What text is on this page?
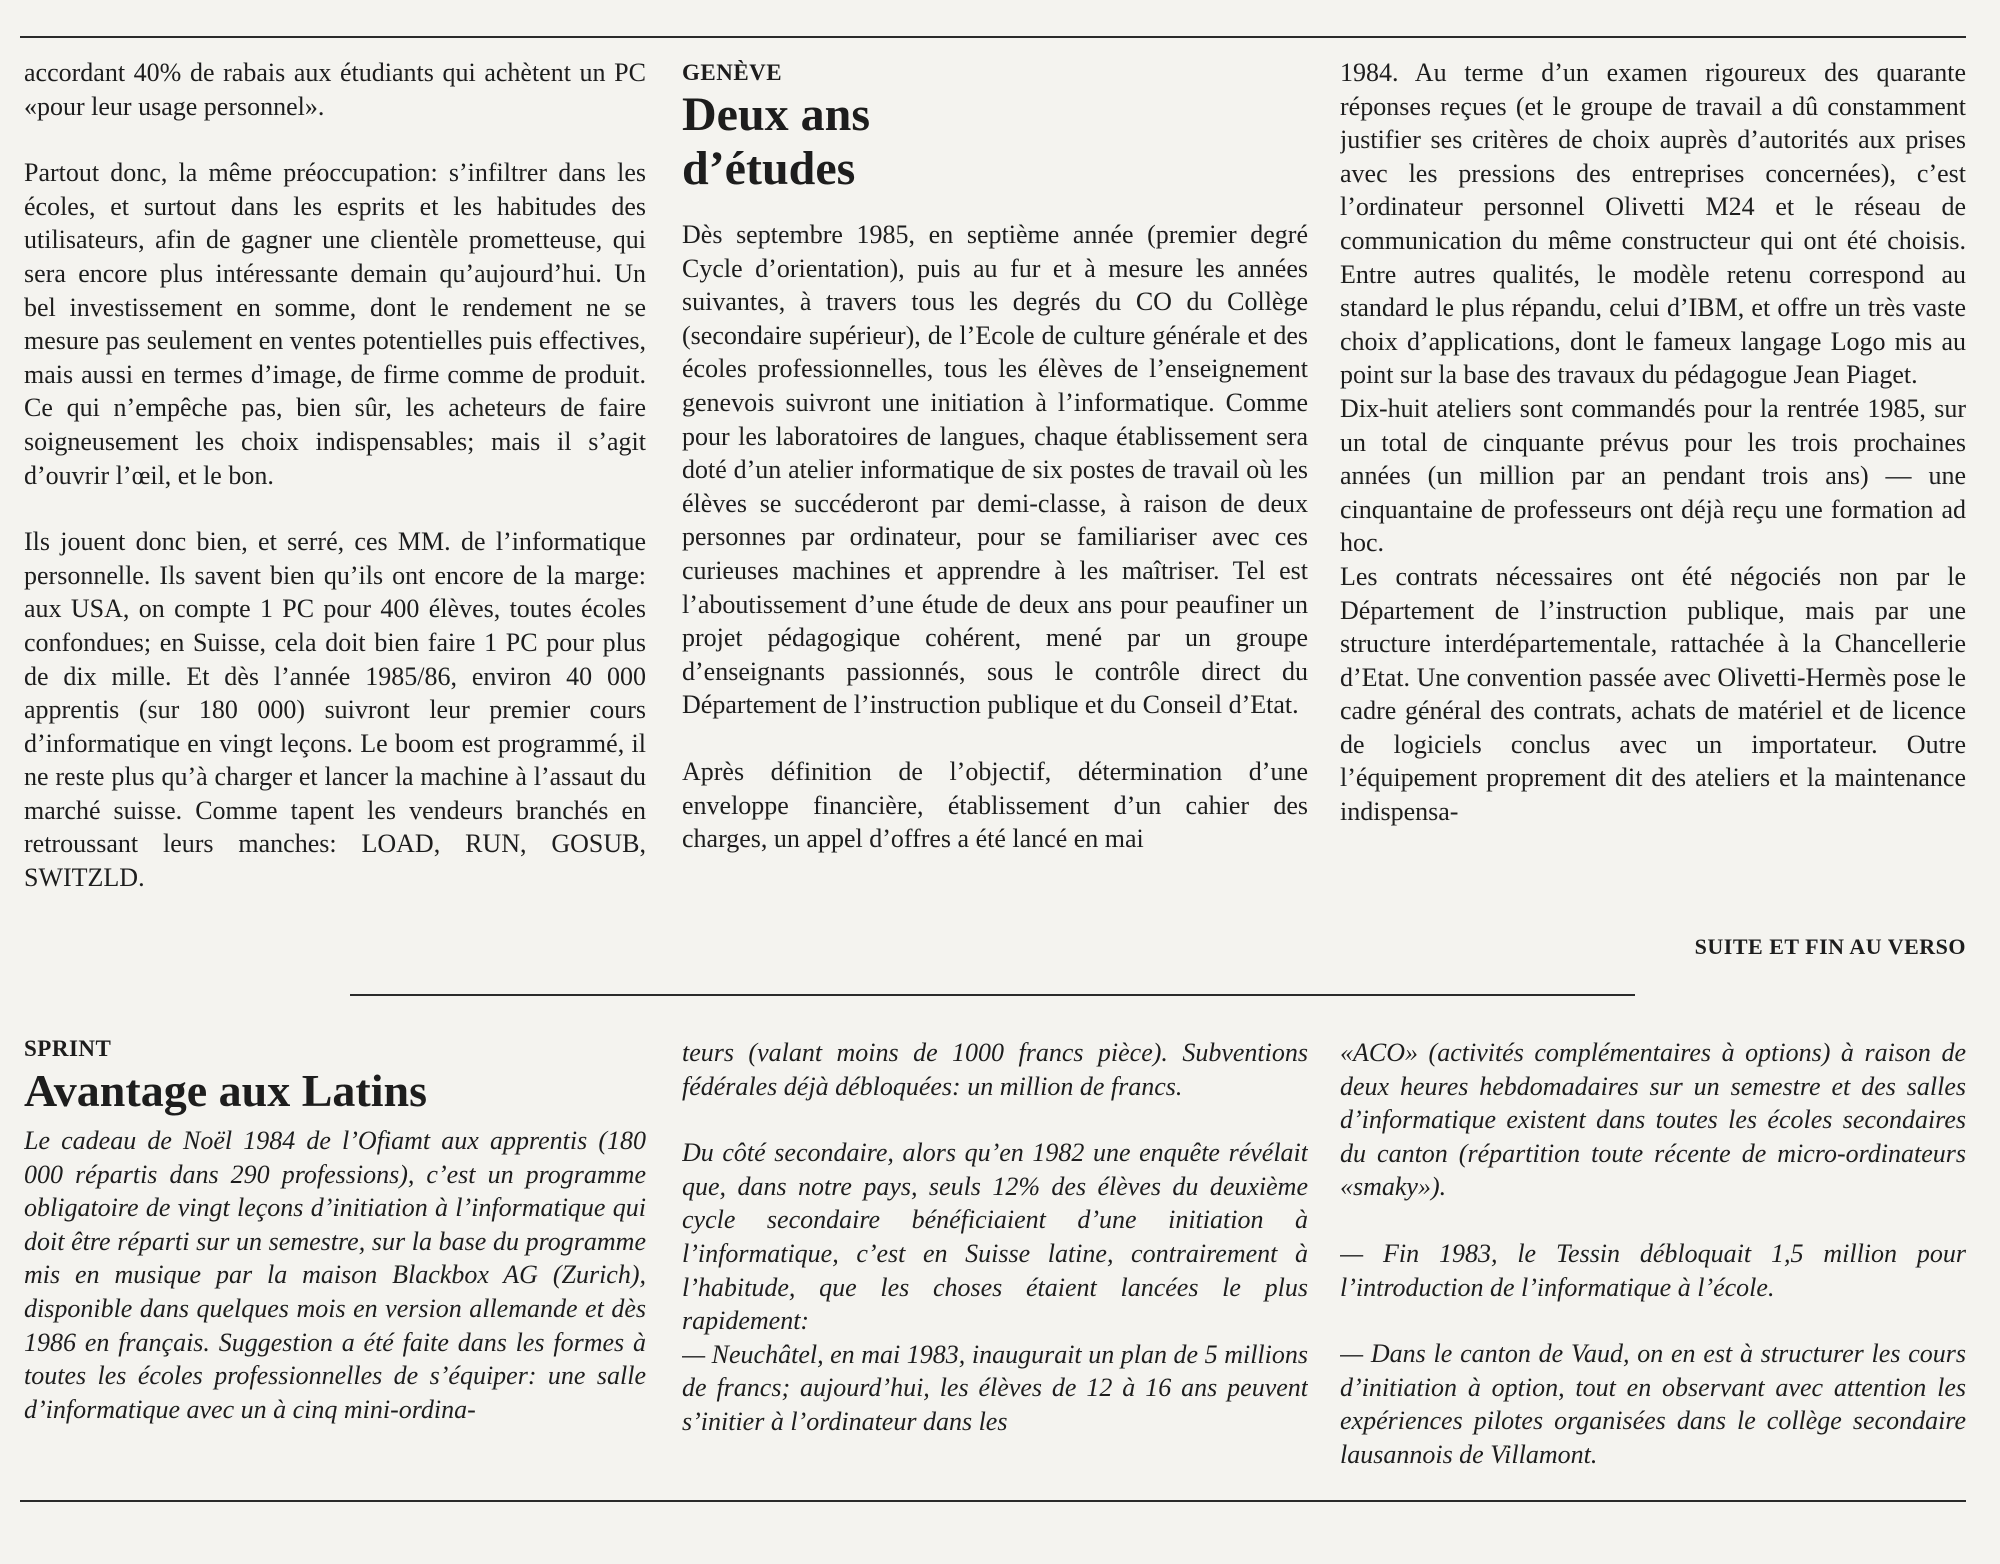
accordant 40% de rabais aux étudiants qui achètent un PC «pour leur usage personnel».

Partout donc, la même préoccupation: s’infiltrer dans les écoles, et surtout dans les esprits et les habitudes des utilisateurs, afin de gagner une clientèle prometteuse, qui sera encore plus intéressante demain qu’aujourd’hui. Un bel investissement en somme, dont le rendement ne se mesure pas seulement en ventes potentielles puis effectives, mais aussi en termes d’image, de firme comme de produit. Ce qui n’empêche pas, bien sûr, les acheteurs de faire soigneusement les choix indispensables; mais il s’agit d’ouvrir l’œil, et le bon.

Ils jouent donc bien, et serré, ces MM. de l’informatique personnelle. Ils savent bien qu’ils ont encore de la marge: aux USA, on compte 1 PC pour 400 élèves, toutes écoles confondues; en Suisse, cela doit bien faire 1 PC pour plus de dix mille. Et dès l’année 1985/86, environ 40 000 apprentis (sur 180 000) suivront leur premier cours d’informatique en vingt leçons. Le boom est programmé, il ne reste plus qu’à charger et lancer la machine à l’assaut du marché suisse. Comme tapent les vendeurs branchés en retroussant leurs manches: LOAD, RUN, GOSUB, SWITZLD.

GENÈVE
Deux ans
d’études

Dès septembre 1985, en septième année (premier degré Cycle d’orientation), puis au fur et à mesure les années suivantes, à travers tous les degrés du CO du Collège (secondaire supérieur), de l’Ecole de culture générale et des écoles professionnelles, tous les élèves de l’enseignement genevois suivront une initiation à l’informatique. Comme pour les laboratoires de langues, chaque établissement sera doté d’un atelier informatique de six postes de travail où les élèves se succéderont par demi-classe, à raison de deux personnes par ordinateur, pour se familiariser avec ces curieuses machines et apprendre à les maîtriser. Tel est l’aboutissement d’une étude de deux ans pour peaufiner un projet pédagogique cohérent, mené par un groupe d’enseignants passionnés, sous le contrôle direct du Département de l’instruction publique et du Conseil d’Etat.

Après définition de l’objectif, détermination d’une enveloppe financière, établissement d’un cahier des charges, un appel d’offres a été lancé en mai

1984. Au terme d’un examen rigoureux des quarante réponses reçues (et le groupe de travail a dû constamment justifier ses critères de choix auprès d’autorités aux prises avec les pressions des entreprises concernées), c’est l’ordinateur personnel Olivetti M24 et le réseau de communication du même constructeur qui ont été choisis. Entre autres qualités, le modèle retenu correspond au standard le plus répandu, celui d’IBM, et offre un très vaste choix d’applications, dont le fameux langage Logo mis au point sur la base des travaux du pédagogue Jean Piaget.

Dix-huit ateliers sont commandés pour la rentrée 1985, sur un total de cinquante prévus pour les trois prochaines années (un million par an pendant trois ans) — une cinquantaine de professeurs ont déjà reçu une formation ad hoc.

Les contrats nécessaires ont été négociés non par le Département de l’instruction publique, mais par une structure interdépartementale, rattachée à la Chancellerie d’Etat. Une convention passée avec Olivetti-Hermès pose le cadre général des contrats, achats de matériel et de licence de logiciels conclus avec un importateur. Outre l’équipement proprement dit des ateliers et la maintenance indispensa-

SUITE ET FIN AU VERSO
SPRINT
Avantage aux Latins

Le cadeau de Noël 1984 de l’Ofiamt aux apprentis (180 000 répartis dans 290 professions), c’est un programme obligatoire de vingt leçons d’initiation à l’informatique qui doit être réparti sur un semestre, sur la base du programme mis en musique par la maison Blackbox AG (Zurich), disponible dans quelques mois en version allemande et dès 1986 en français. Suggestion a été faite dans les formes à toutes les écoles professionnelles de s’équiper: une salle d’informatique avec un à cinq mini-ordina-

teurs (valant moins de 1000 francs pièce). Subventions fédérales déjà débloquées: un million de francs.

Du côté secondaire, alors qu’en 1982 une enquête révélait que, dans notre pays, seuls 12% des élèves du deuxième cycle secondaire bénéficiaient d’une initiation à l’informatique, c’est en Suisse latine, contrairement à l’habitude, que les choses étaient lancées le plus rapidement:

— Neuchâtel, en mai 1983, inaugurait un plan de 5 millions de francs; aujourd’hui, les élèves de 12 à 16 ans peuvent s’initier à l’ordinateur dans les

«ACO» (activités complémentaires à options) à raison de deux heures hebdomadaires sur un semestre et des salles d’informatique existent dans toutes les écoles secondaires du canton (répartition toute récente de micro-ordinateurs «smaky»).

— Fin 1983, le Tessin débloquait 1,5 million pour l’introduction de l’informatique à l’école.

— Dans le canton de Vaud, on en est à structurer les cours d’initiation à option, tout en observant avec attention les expériences pilotes organisées dans le collège secondaire lausannois de Villamont.
